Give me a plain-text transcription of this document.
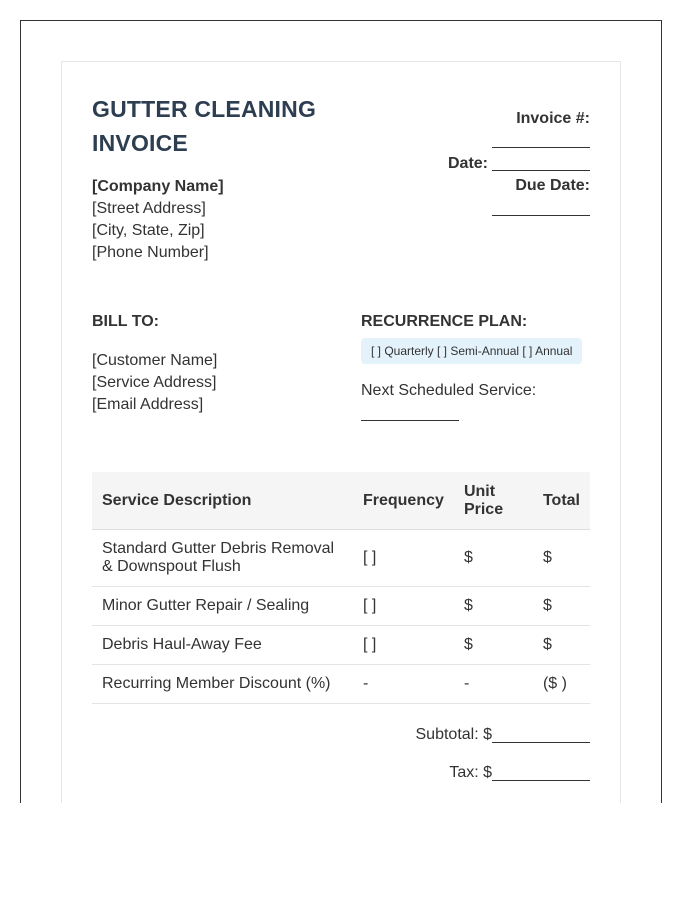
GUTTER CLEANING INVOICE
[Company Name]
[Street Address]
[City, State, Zip]
[Phone Number]
Invoice #:
Date:
Due Date:
BILL TO:
[Customer Name]
[Service Address]
[Email Address]
RECURRENCE PLAN:
[ ] Quarterly [ ] Semi-Annual [ ] Annual
Next Scheduled Service:
Service Description	Frequency	Unit Price	Total
Standard Gutter Debris Removal & Downspout Flush	[ ]	$	$
Minor Gutter Repair / Sealing	[ ]	$	$
Debris Haul-Away Fee	[ ]	$	$
Recurring Member Discount (%)	-	-	($ )
Subtotal: $
Tax: $
